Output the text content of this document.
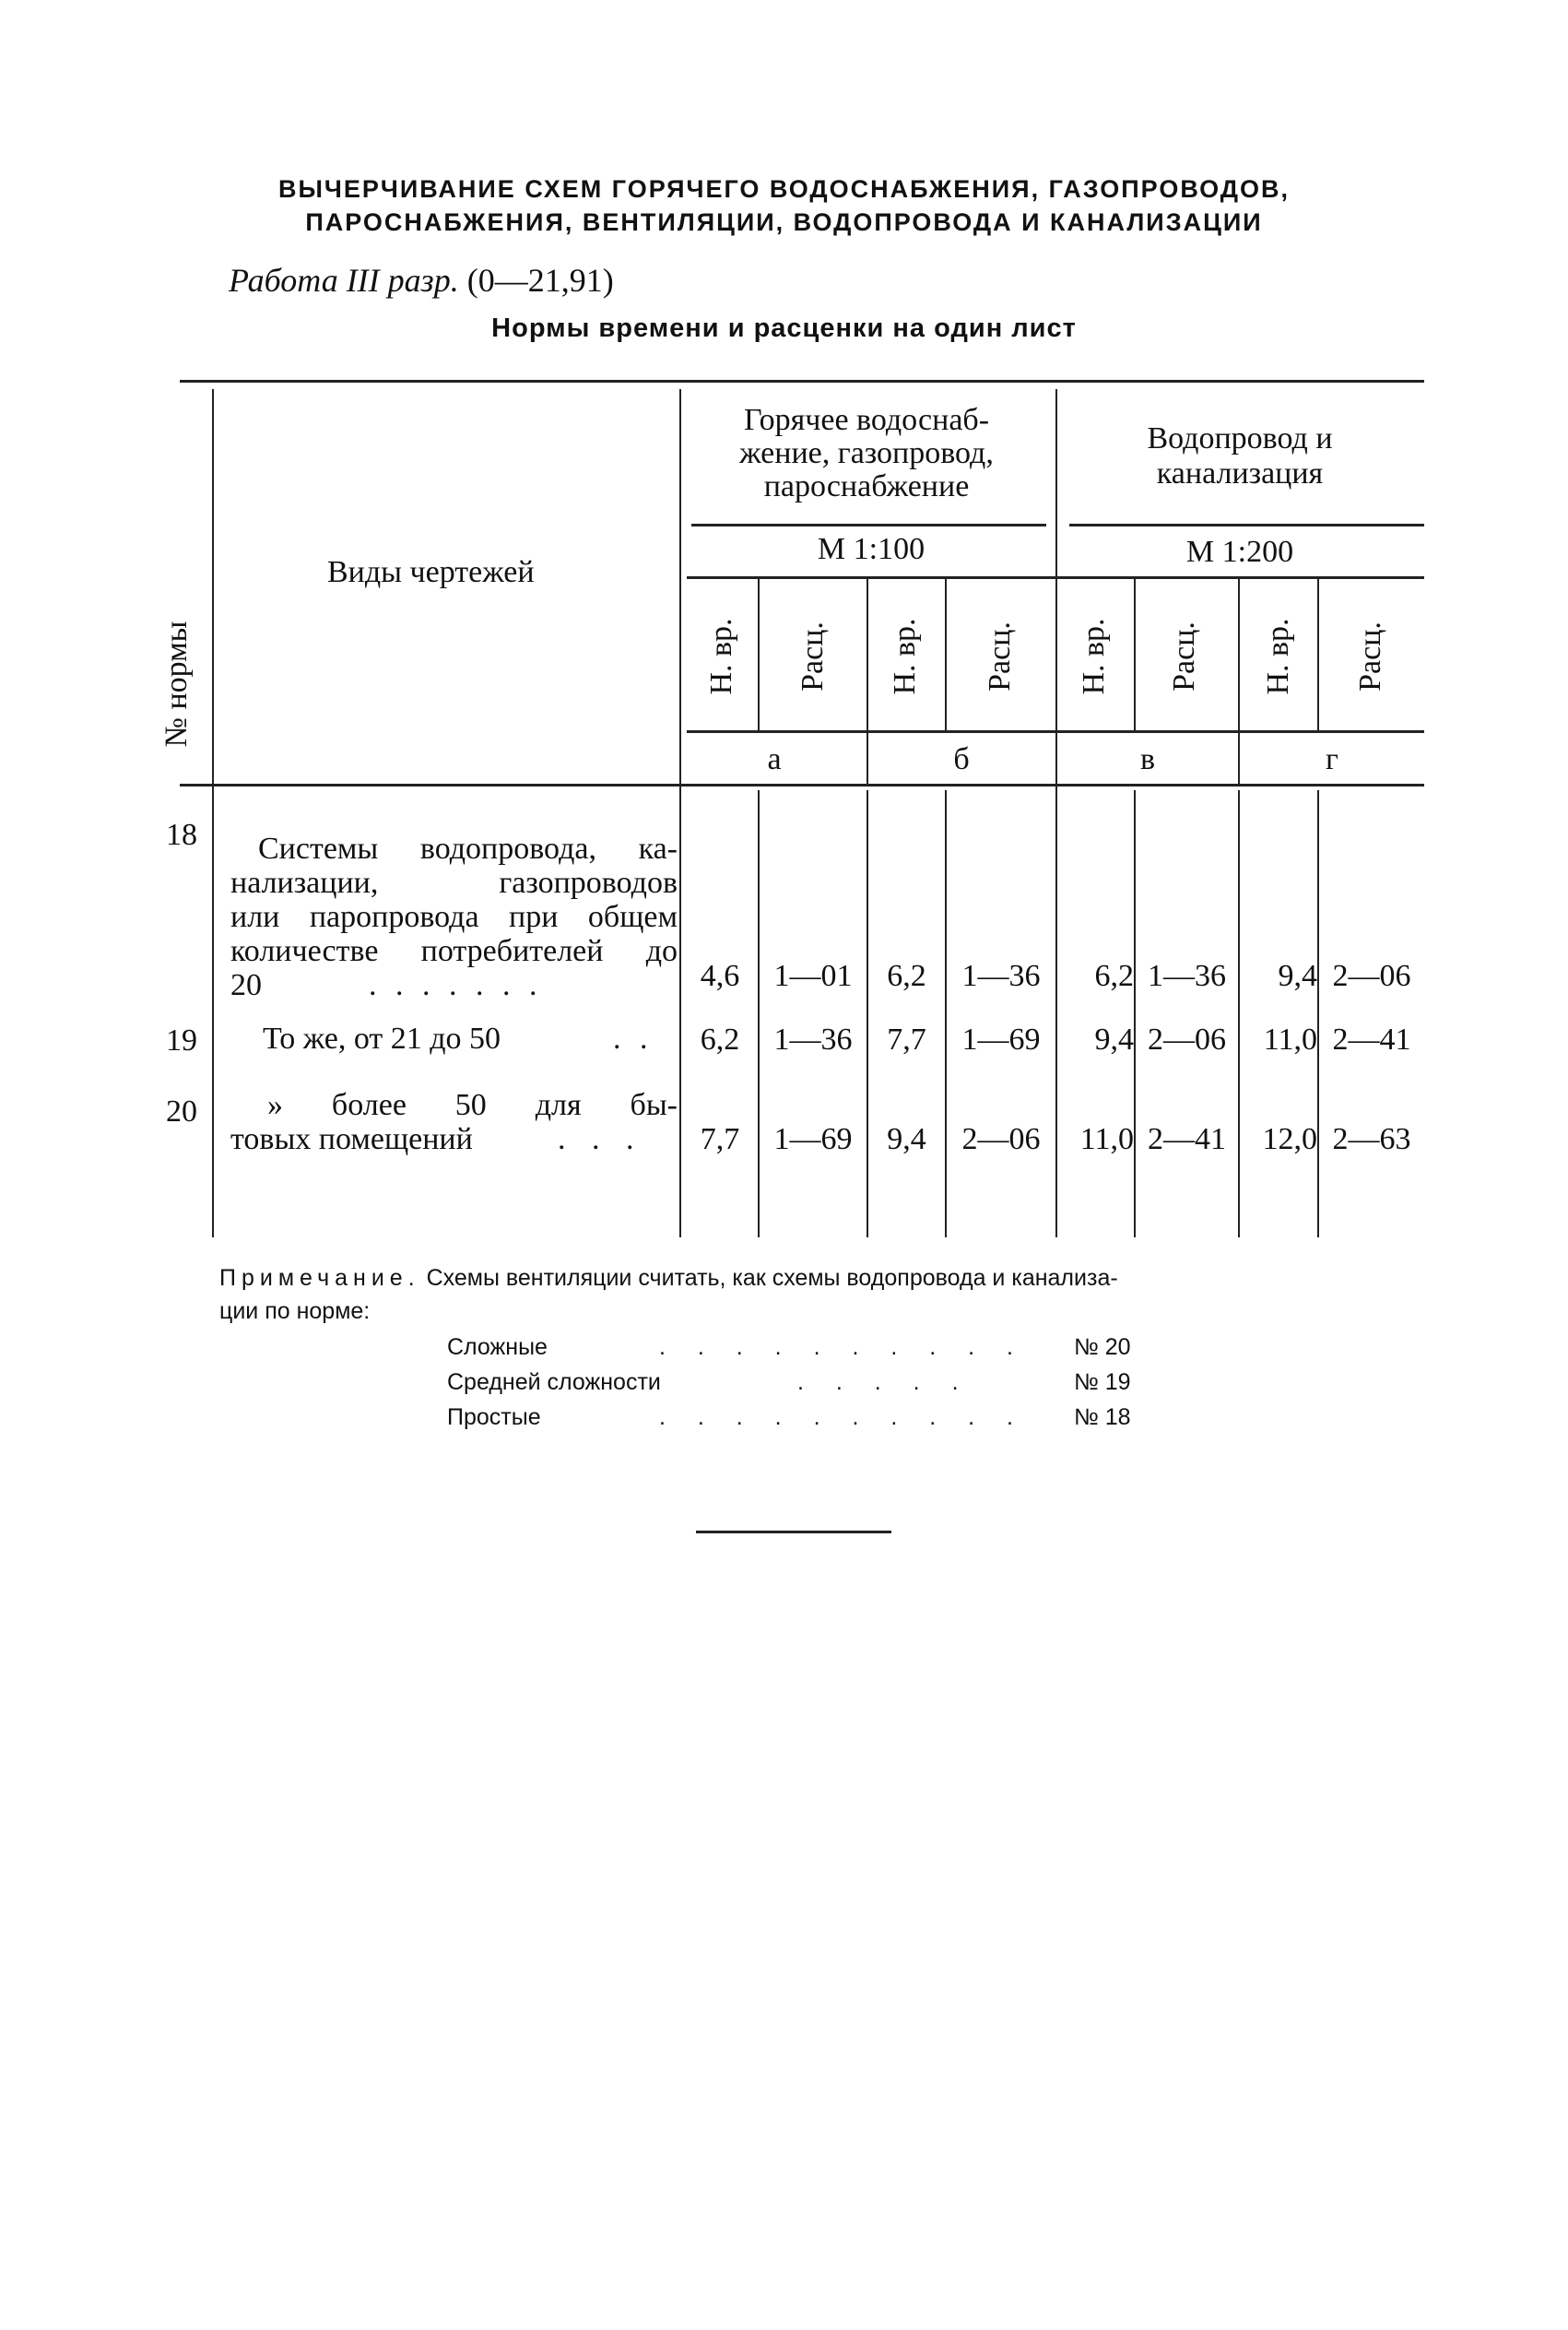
ВЫЧЕРЧИВАНИЕ СХЕМ ГОРЯЧЕГО ВОДОСНАБЖЕНИЯ, ГАЗОПРОВОДОВ,
ПАРОСНАБЖЕНИЯ, ВЕНТИЛЯЦИИ, ВОДОПРОВОДА И КАНАЛИЗАЦИИ
Работа III разр. (0—21,91)
Нормы времени и расценки на один лист
№ нормы
Виды чертежей
Горячее водоснаб-
жение, газопровод,
пароснабжение
Водопровод и
канализация
М 1:100	М 1:200
Н. вр. Расц. Н. вр. Расц. Н. вр. Расц. Н. вр. Расц.
а	б	в	г
18	Системы водопровода, ка-
нализации, газопроводов
или паропровода при общем
количестве потребителей до
20	. . . . . . .	4,6	1—01	6,2	1—36	6,2 1—36	9,4 2—06
19	То же, от 21 до 50	. .	6,2	1—36	7,7	1—69	9,4 2—06	11,0 2—41
20	» более 50 для бы-
товых помещений	. . .	7,7	1—69	9,4	2—06	11,0 2—41	12,0 2—63
Примечание. Схемы вентиляции считать, как схемы водопровода и канализа-
ции по норме:
Сложные	. . . . . . . . . . № 20
Средней сложности	. . . . .	№ 19
Простые	. . . . . . . . . . № 18
